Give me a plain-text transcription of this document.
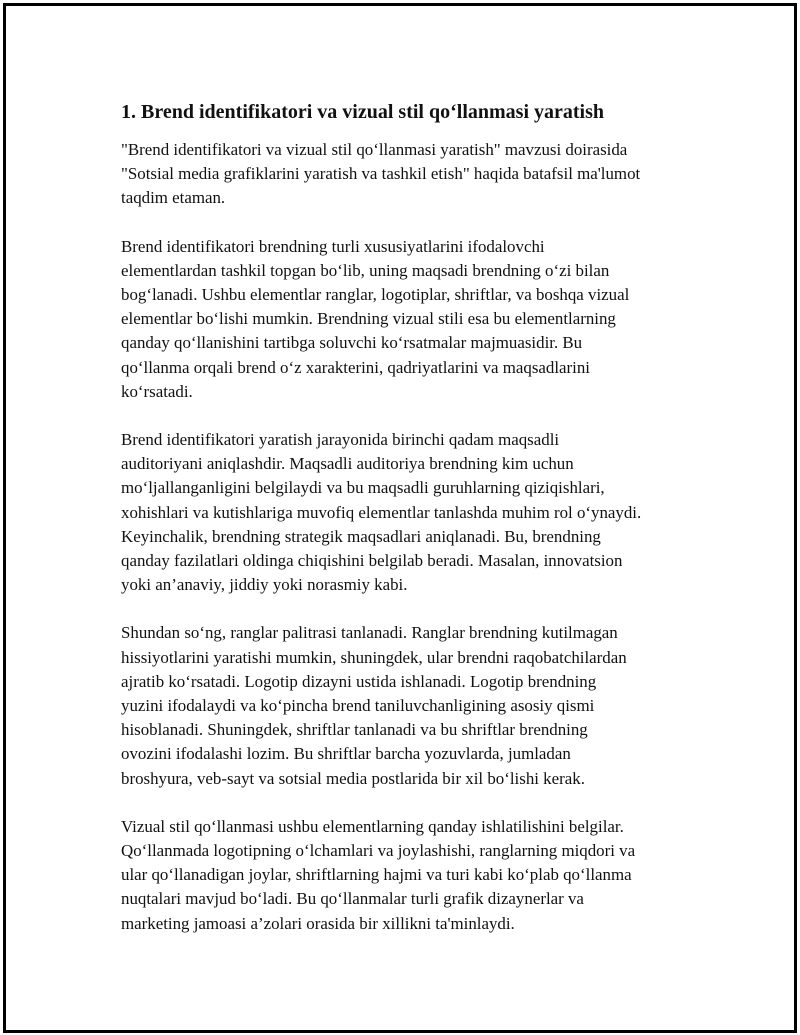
1. Brend identifikatori va vizual stil qo‘llanmasi yaratish

"Brend identifikatori va vizual stil qo‘llanmasi yaratish" mavzusi doirasida
"Sotsial media grafiklarini yaratish va tashkil etish" haqida batafsil ma'lumot
taqdim etaman.

Brend identifikatori brendning turli xususiyatlarini ifodalovchi
elementlardan tashkil topgan bo‘lib, uning maqsadi brendning o‘zi bilan
bog‘lanadi. Ushbu elementlar ranglar, logotiplar, shriftlar, va boshqa vizual
elementlar bo‘lishi mumkin. Brendning vizual stili esa bu elementlarning
qanday qo‘llanishini tartibga soluvchi ko‘rsatmalar majmuasidir. Bu
qo‘llanma orqali brend o‘z xarakterini, qadriyatlarini va maqsadlarini
ko‘rsatadi.

Brend identifikatori yaratish jarayonida birinchi qadam maqsadli
auditoriyani aniqlashdir. Maqsadli auditoriya brendning kim uchun
mo‘ljallanganligini belgilaydi va bu maqsadli guruhlarning qiziqishlari,
xohishlari va kutishlariga muvofiq elementlar tanlashda muhim rol o‘ynaydi.
Keyinchalik, brendning strategik maqsadlari aniqlanadi. Bu, brendning
qanday fazilatlari oldinga chiqishini belgilab beradi. Masalan, innovatsion
yoki an’anaviy, jiddiy yoki norasmiy kabi.

Shundan so‘ng, ranglar palitrasi tanlanadi. Ranglar brendning kutilmagan
hissiyotlarini yaratishi mumkin, shuningdek, ular brendni raqobatchilardan
ajratib ko‘rsatadi. Logotip dizayni ustida ishlanadi. Logotip brendning
yuzini ifodalaydi va ko‘pincha brend taniluvchanligining asosiy qismi
hisoblanadi. Shuningdek, shriftlar tanlanadi va bu shriftlar brendning
ovozini ifodalashi lozim. Bu shriftlar barcha yozuvlarda, jumladan
broshyura, veb-sayt va sotsial media postlarida bir xil bo‘lishi kerak.

Vizual stil qo‘llanmasi ushbu elementlarning qanday ishlatilishini belgilar.
Qo‘llanmada logotipning o‘lchamlari va joylashishi, ranglarning miqdori va
ular qo‘llanadigan joylar, shriftlarning hajmi va turi kabi ko‘plab qo‘llanma
nuqtalari mavjud bo‘ladi. Bu qo‘llanmalar turli grafik dizaynerlar va
marketing jamoasi a’zolari orasida bir xillikni ta'minlaydi.
